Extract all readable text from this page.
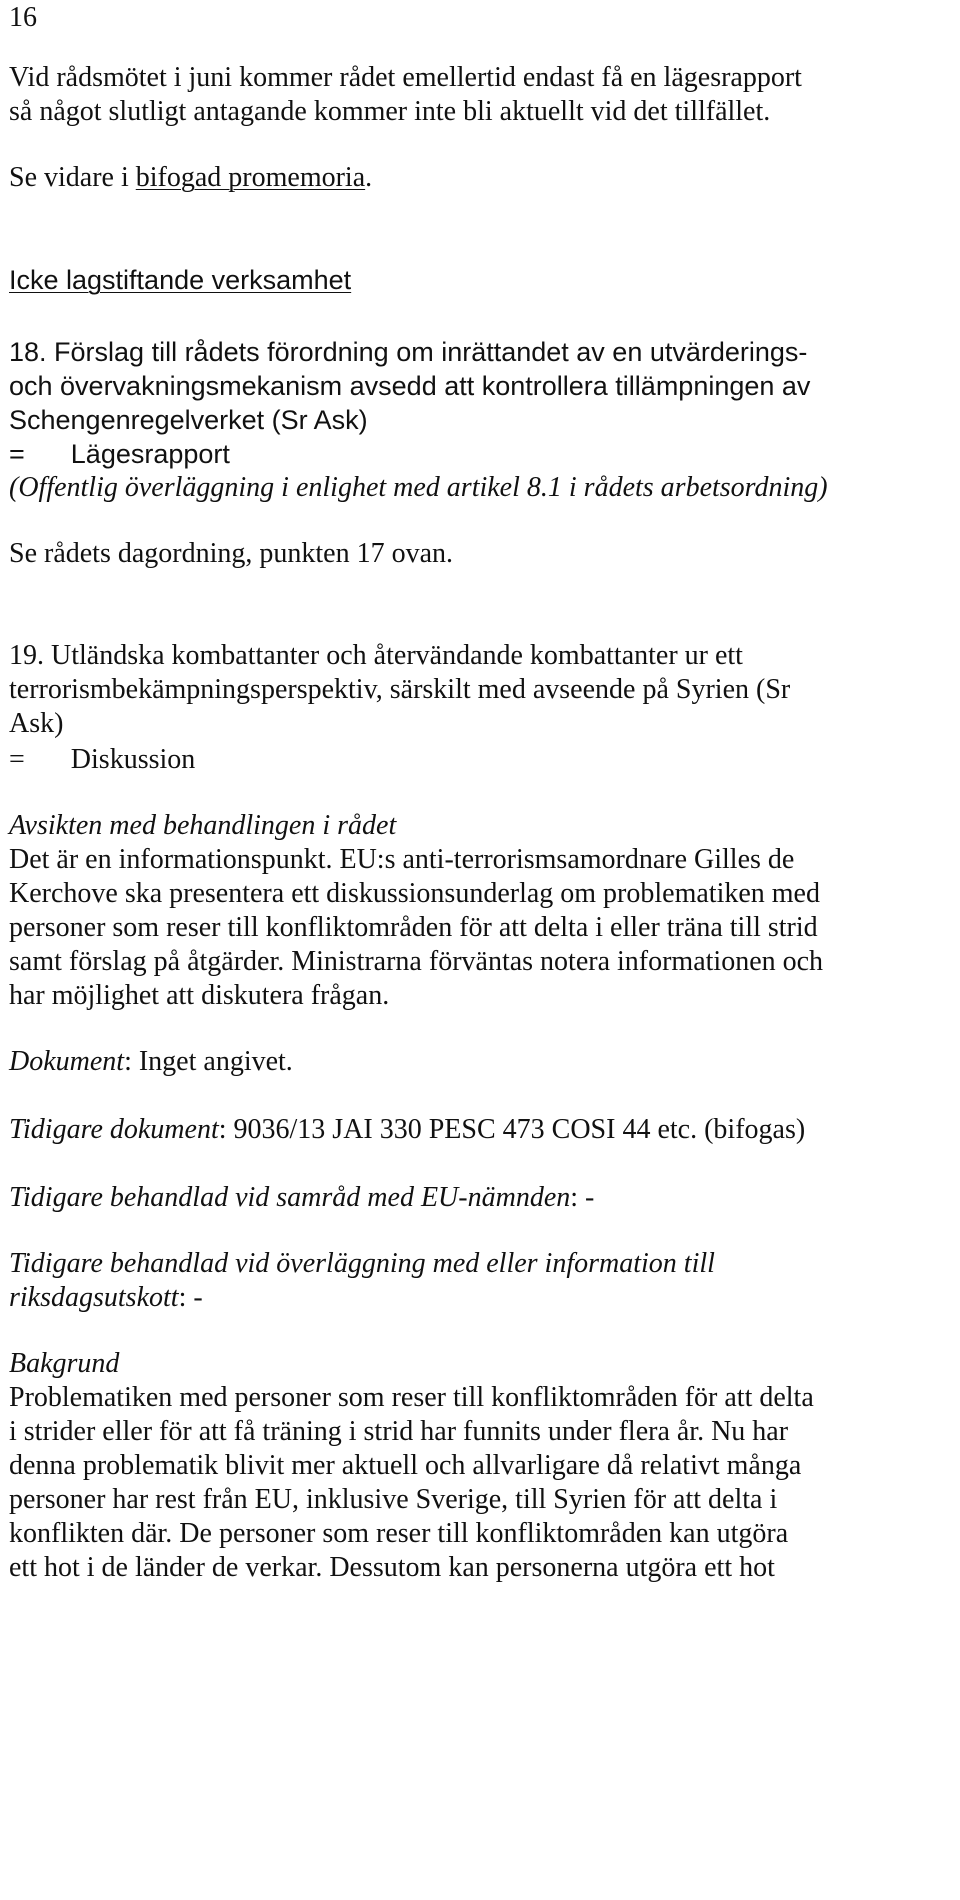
16
Vid rådsmötet i juni kommer rådet emellertid endast få en lägesrapport
så något slutligt antagande kommer inte bli aktuellt vid det tillfället.
Se vidare i bifogad promemoria.
Icke lagstiftande verksamhet
18. Förslag till rådets förordning om inrättandet av en utvärderings-
och övervakningsmekanism avsedd att kontrollera tillämpningen av
Schengenregelverket (Sr Ask)
= Lägesrapport
(Offentlig överläggning i enlighet med artikel 8.1 i rådets arbetsordning)
Se rådets dagordning, punkten 17 ovan.
19. Utländska kombattanter och återvändande kombattanter ur ett
terrorismbekämpningsperspektiv, särskilt med avseende på Syrien (Sr
Ask)
= Diskussion
Avsikten med behandlingen i rådet
Det är en informationspunkt. EU:s anti-terrorismsamordnare Gilles de
Kerchove ska presentera ett diskussionsunderlag om problematiken med
personer som reser till konfliktområden för att delta i eller träna till strid
samt förslag på åtgärder. Ministrarna förväntas notera informationen och
har möjlighet att diskutera frågan.
Dokument: Inget angivet.
Tidigare dokument: 9036/13 JAI 330 PESC 473 COSI 44 etc. (bifogas)
Tidigare behandlad vid samråd med EU-nämnden: -
Tidigare behandlad vid överläggning med eller information till
riksdagsutskott: -
Bakgrund
Problematiken med personer som reser till konfliktområden för att delta
i strider eller för att få träning i strid har funnits under flera år. Nu har
denna problematik blivit mer aktuell och allvarligare då relativt många
personer har rest från EU, inklusive Sverige, till Syrien för att delta i
konflikten där. De personer som reser till konfliktområden kan utgöra
ett hot i de länder de verkar. Dessutom kan personerna utgöra ett hot
